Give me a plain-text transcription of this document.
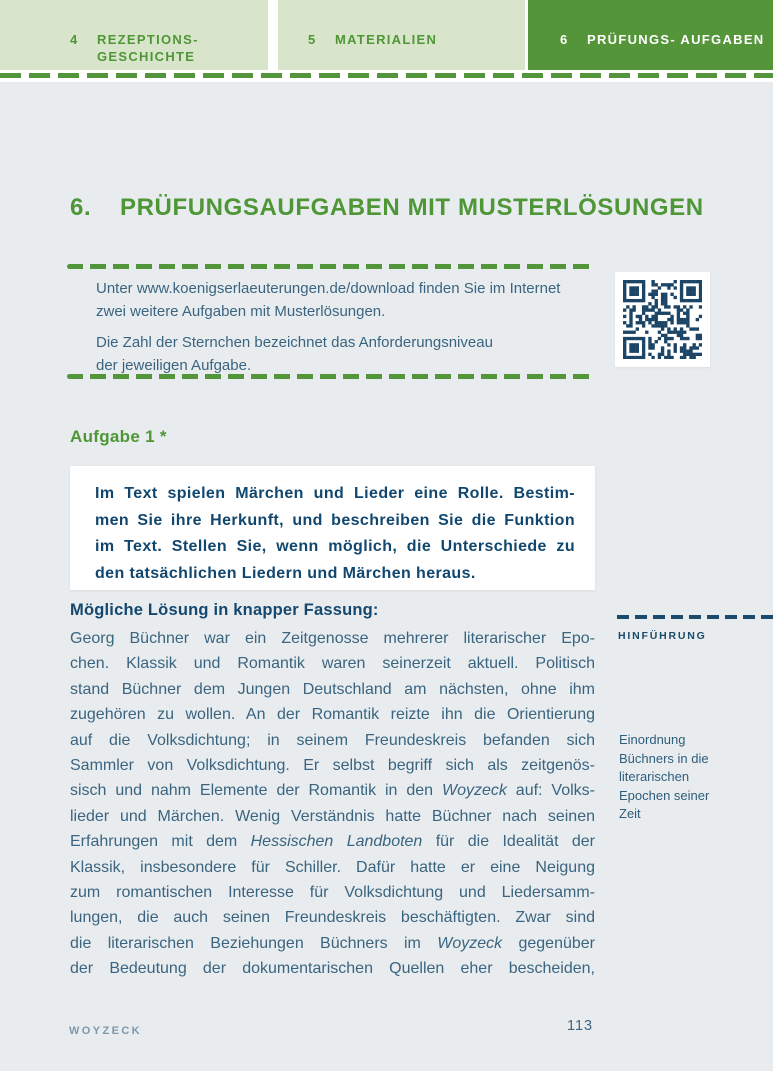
4	REZEPTIONS- GESCHICHTE
5	MATERIALIEN	6	PRÜFUNGS- AUFGABEN
6.	PRÜFUNGSAUFGABEN MIT MUSTERLÖSUNGEN
Unter www.koenigserlaeuterungen.de/download finden Sie im Internet
zwei weitere Aufgaben mit Musterlösungen.
Die Zahl der Sternchen bezeichnet das Anforderungsniveau
der jeweiligen Aufgabe.
Aufgabe 1 *
Im Text spielen Märchen und Lieder eine Rolle. Bestim-
men Sie ihre Herkunft, und beschreiben Sie die Funktion
im Text. Stellen Sie, wenn möglich, die Unterschiede zu
den tatsächlichen Liedern und Märchen heraus.
Mögliche Lösung in knapper Fassung:
Georg Büchner war ein Zeitgenosse mehrerer literarischer Epo-
chen. Klassik und Romantik waren seinerzeit aktuell. Politisch
stand Büchner dem Jungen Deutschland am nächsten, ohne ihm
zugehören zu wollen. An der Romantik reizte ihn die Orientierung
auf die Volksdichtung; in seinem Freundeskreis befanden sich
Sammler von Volksdichtung. Er selbst begriff sich als zeitgenös-
sisch und nahm Elemente der Romantik in den Woyzeck auf: Volks-
lieder und Märchen. Wenig Verständnis hatte Büchner nach seinen
Erfahrungen mit dem Hessischen Landboten für die Idealität der
Klassik, insbesondere für Schiller. Dafür hatte er eine Neigung
zum romantischen Interesse für Volksdichtung und Liedersamm-
lungen, die auch seinen Freundeskreis beschäftigten. Zwar sind
die literarischen Beziehungen Büchners im Woyzeck gegenüber
der Bedeutung der dokumentarischen Quellen eher bescheiden,
HINFÜHRUNG
Einordnung
Büchners in die
literarischen
Epochen seiner
Zeit
WOYZECK	113
